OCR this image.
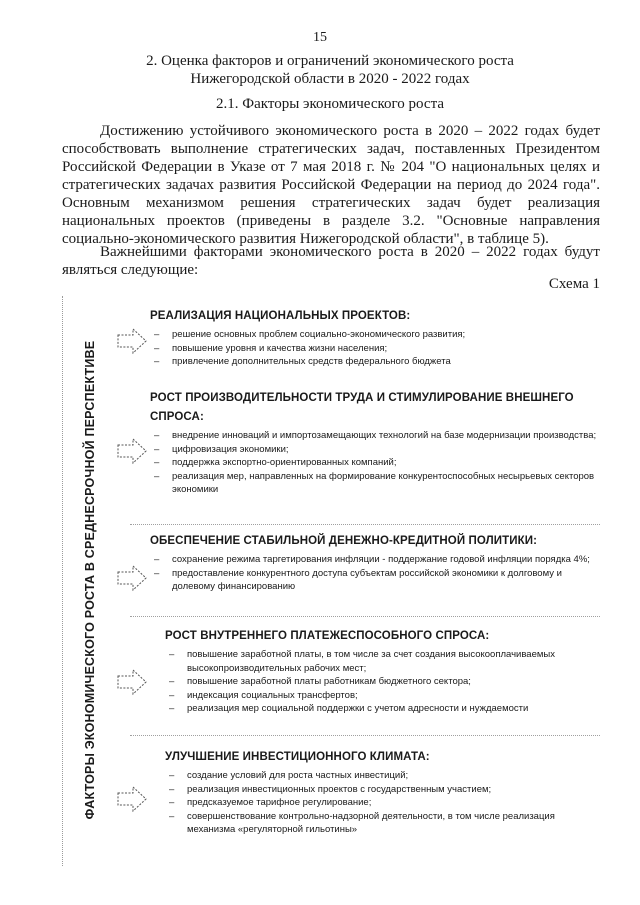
15
2. Оценка факторов и ограничений экономического роста
Нижегородской области в 2020 - 2022 годах
2.1. Факторы экономического роста
Достижению устойчивого экономического роста в 2020 – 2022 годах будет
способствовать выполнение стратегических задач, поставленных Президентом
Российской Федерации в Указе от 7 мая 2018 г. № 204 "О национальных целях и
стратегических задачах развития Российской Федерации на период до 2024 года".
Основным механизмом решения стратегических задач будет реализация
национальных проектов (приведены в разделе 3.2. "Основные направления
социально-экономического развития Нижегородской области", в таблице 5).
Важнейшими факторами экономического роста в 2020 – 2022 годах будут
являться следующие:
Схема 1
ФАКТОРЫ ЭКОНОМИЧЕСКОГО РОСТА В СРЕДНЕСРОЧНОЙ ПЕРСПЕКТИВЕ
РЕАЛИЗАЦИЯ НАЦИОНАЛЬНЫХ ПРОЕКТОВ:
– решение основных проблем социально-экономического развития;
– повышение уровня и качества жизни населения;
– привлечение дополнительных средств федерального бюджета
РОСТ ПРОИЗВОДИТЕЛЬНОСТИ ТРУДА И СТИМУЛИРОВАНИЕ ВНЕШНЕГО
СПРОСА:
– внедрение инноваций и импортозамещающих технологий на базе модернизации производства;
– цифровизация экономики;
– поддержка экспортно-ориентированных компаний;
– реализация мер, направленных на формирование конкурентоспособных несырьевых секторов экономики
ОБЕСПЕЧЕНИЕ СТАБИЛЬНОЙ ДЕНЕЖНО-КРЕДИТНОЙ ПОЛИТИКИ:
– сохранение режима таргетирования инфляции - поддержание годовой инфляции порядка 4%;
– предоставление конкурентного доступа субъектам российской экономики к долговому и долевому финансированию
РОСТ ВНУТРЕННЕГО ПЛАТЕЖЕСПОСОБНОГО СПРОСА:
– повышение заработной платы, в том числе за счет создания высокооплачиваемых высокопроизводительных рабочих мест;
– повышение заработной платы работникам бюджетного сектора;
– индексация социальных трансфертов;
– реализация мер социальной поддержки с учетом адресности и нуждаемости
УЛУЧШЕНИЕ ИНВЕСТИЦИОННОГО КЛИМАТА:
– создание условий для роста частных инвестиций;
– реализация инвестиционных проектов с государственным участием;
– предсказуемое тарифное регулирование;
– совершенствование контрольно-надзорной деятельности, в том числе реализация механизма «регуляторной гильотины»
